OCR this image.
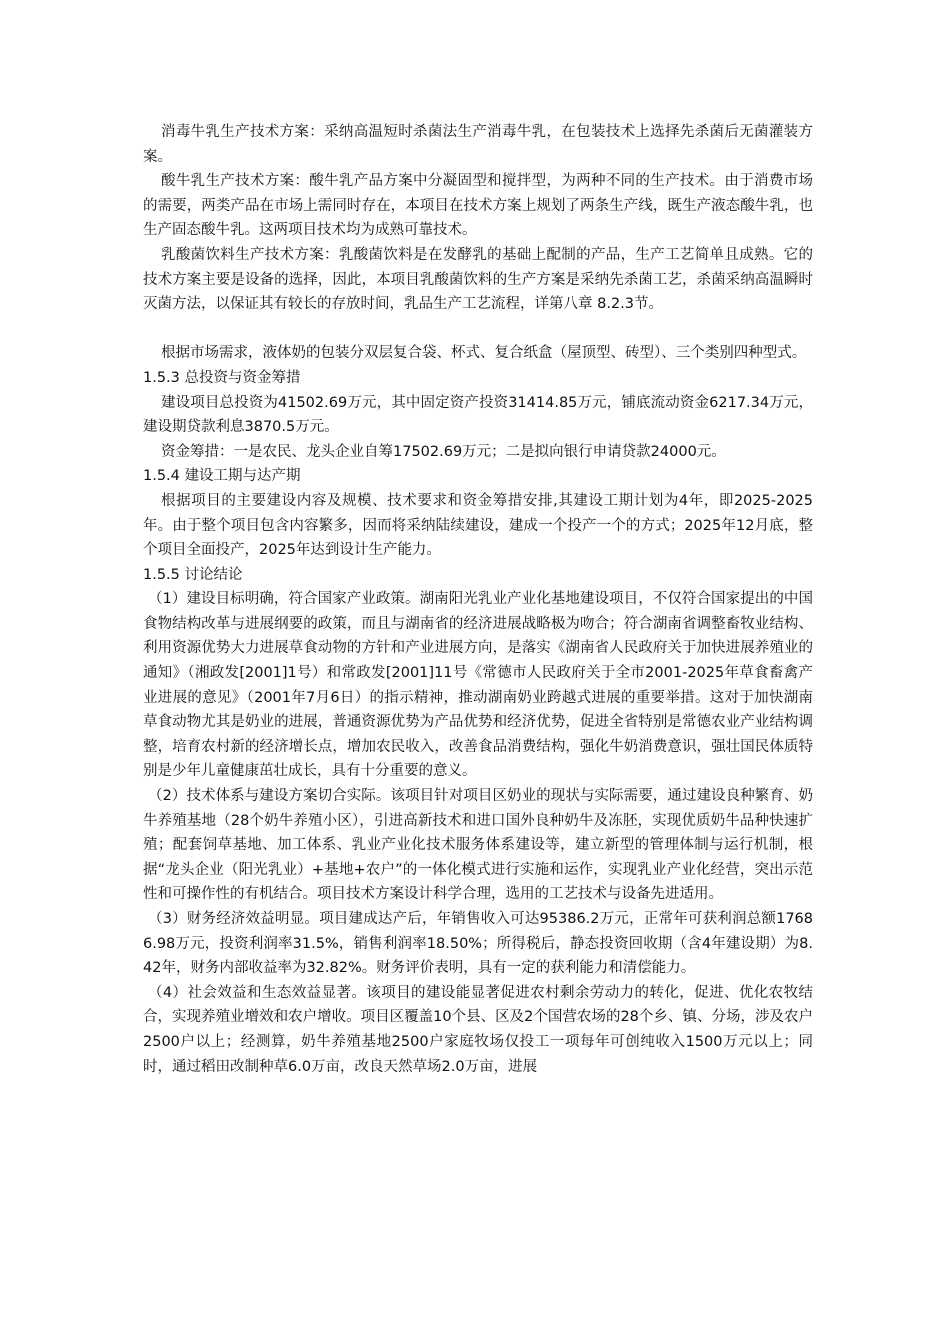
消毒牛乳生产技术方案：采纳高温短时杀菌法生产消毒牛乳，在包装技术上选择先杀菌后无菌灌装方案。

酸牛乳生产技术方案：酸牛乳产品方案中分凝固型和搅拌型，为两种不同的生产技术。由于消费市场的需要，两类产品在市场上需同时存在，本项目在技术方案上规划了两条生产线，既生产液态酸牛乳，也生产固态酸牛乳。这两项目技术均为成熟可靠技术。

乳酸菌饮料生产技术方案：乳酸菌饮料是在发酵乳的基础上配制的产品，生产工艺简单且成熟。它的技术方案主要是设备的选择，因此，本项目乳酸菌饮料的生产方案是采纳先杀菌工艺，杀菌采纳高温瞬时灭菌方法，以保证其有较长的存放时间，乳品生产工艺流程，详第八章 8.2.3节。

根据市场需求，液体奶的包装分双层复合袋、杯式、复合纸盒（屋顶型、砖型）、三个类别四种型式。

1.5.3 总投资与资金筹措

建设项目总投资为41502.69万元，其中固定资产投资31414.85万元，铺底流动资金6217.34万元，建设期贷款利息3870.5万元。

资金筹措：一是农民、龙头企业自筹17502.69万元；二是拟向银行申请贷款24000元。

1.5.4 建设工期与达产期

根据项目的主要建设内容及规模、技术要求和资金筹措安排,其建设工期计划为4年，即2025-2025年。由于整个项目包含内容繁多，因而将采纳陆续建设，建成一个投产一个的方式；2025年12月底，整个项目全面投产，2025年达到设计生产能力。

1.5.5 讨论结论

（1）建设目标明确，符合国家产业政策。湖南阳光乳业产业化基地建设项目，不仅符合国家提出的中国食物结构改革与进展纲要的政策，而且与湖南省的经济进展战略极为吻合；符合湖南省调整畜牧业结构、利用资源优势大力进展草食动物的方针和产业进展方向，是落实《湖南省人民政府关于加快进展养殖业的通知》（湘政发[2001]1号）和常政发[2001]11号《常德市人民政府关于全市2001-2025年草食畜禽产业进展的意见》（2001年7月6日）的指示精神，推动湖南奶业跨越式进展的重要举措。这对于加快湖南草食动物尤其是奶业的进展，普通资源优势为产品优势和经济优势，促进全省特别是常德农业产业结构调整，培育农村新的经济增长点，增加农民收入，改善食品消费结构，强化牛奶消费意识，强壮国民体质特别是少年儿童健康茁壮成长，具有十分重要的意义。

（2）技术体系与建设方案切合实际。该项目针对项目区奶业的现状与实际需要，通过建设良种繁育、奶牛养殖基地（28个奶牛养殖小区），引进高新技术和进口国外良种奶牛及冻胚，实现优质奶牛品种快速扩殖；配套饲草基地、加工体系、乳业产业化技术服务体系建设等，建立新型的管理体制与运行机制，根据“龙头企业（阳光乳业）+基地+农户”的一体化模式进行实施和运作，实现乳业产业化经营，突出示范性和可操作性的有机结合。项目技术方案设计科学合理，选用的工艺技术与设备先进适用。

（3）财务经济效益明显。项目建成达产后，年销售收入可达95386.2万元，正常年可获利润总额17686.98万元，投资利润率31.5%，销售利润率18.50%；所得税后，静态投资回收期（含4年建设期）为8.42年，财务内部收益率为32.82%。财务评价表明，具有一定的获利能力和清偿能力。

（4）社会效益和生态效益显著。该项目的建设能显著促进农村剩余劳动力的转化，促进、优化农牧结合，实现养殖业增效和农户增收。项目区覆盖10个县、区及2个国营农场的28个乡、镇、分场，涉及农户2500户以上；经测算，奶牛养殖基地2500户家庭牧场仅投工一项每年可创纯收入1500万元以上；同时，通过稻田改制种草6.0万亩，改良天然草场2.0万亩，进展
